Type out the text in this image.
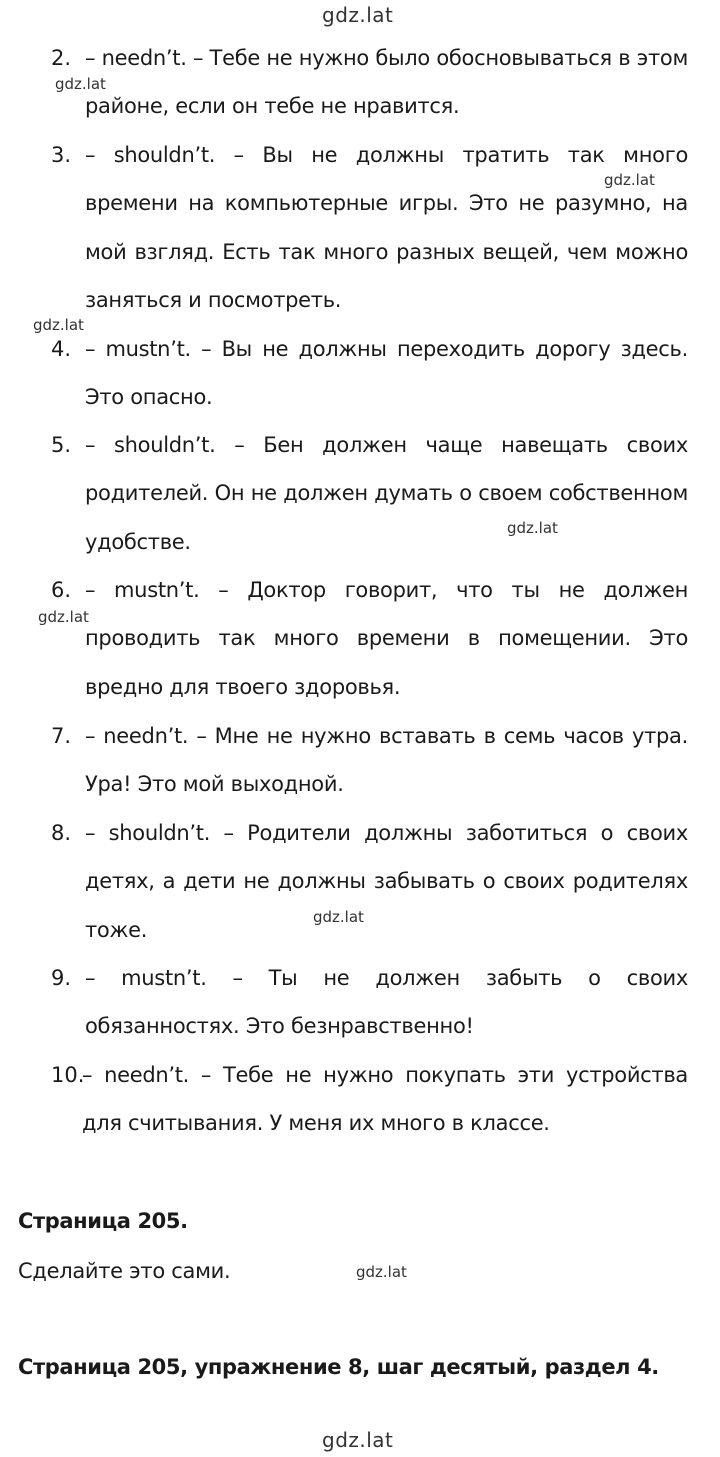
gdz.lat
2. – needn’t. – Тебе не нужно было обосновываться в этом районе, если он тебе не нравится.
3. – shouldn’t. – Вы не должны тратить так много времени на компьютерные игры. Это не разумно, на мой взгляд. Есть так много разных вещей, чем можно заняться и посмотреть.
4. – mustn’t. – Вы не должны переходить дорогу здесь. Это опасно.
5. – shouldn’t. – Бен должен чаще навещать своих родителей. Он не должен думать о своем собственном удобстве.
6. – mustn’t. – Доктор говорит, что ты не должен проводить так много времени в помещении. Это вредно для твоего здоровья.
7. – needn’t. – Мне не нужно вставать в семь часов утра. Ура! Это мой выходной.
8. – shouldn’t. – Родители должны заботиться о своих детях, а дети не должны забывать о своих родителях тоже.
9. – mustn’t. – Ты не должен забыть о своих обязанностях. Это безнравственно!
10.
– needn’t. – Тебе не нужно покупать эти устройства для считывания. У меня их много в классе.
gdz.lat
gdz.lat
gdz.lat
gdz.lat
gdz.lat
gdz.lat
Страница 205.
Сделайте это сами.	gdz.lat
Страница 205, упражнение 8, шаг десятый, раздел 4.
gdz.lat
